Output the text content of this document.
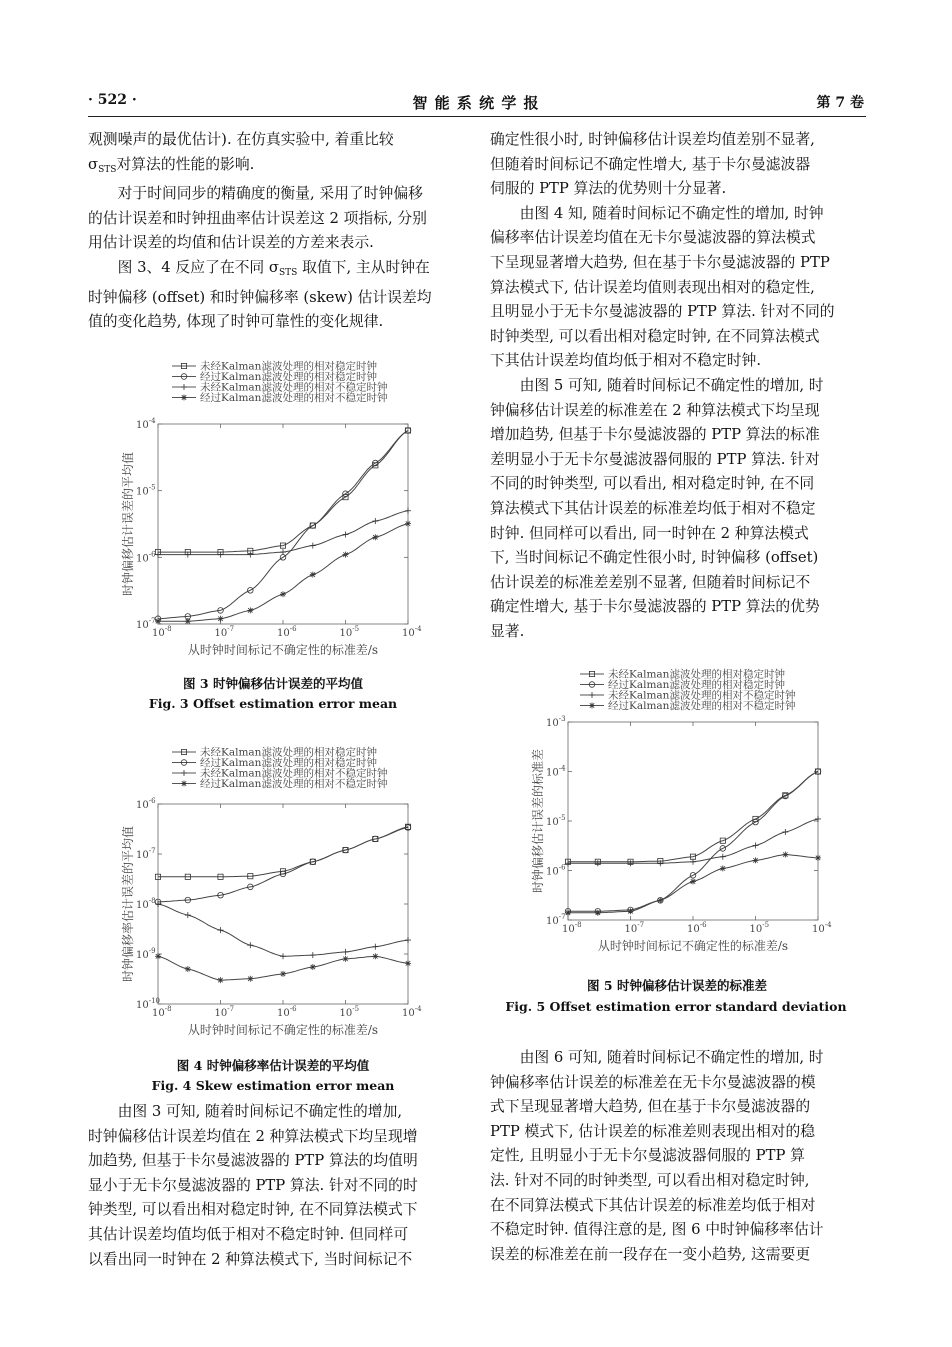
· 522 ·	智 能 系 统 学 报	第 7 卷

观测噪声的最优估计). 在仿真实验中, 着重比较
$\sigma_{STS}$对算法的性能的影响.

对于时间同步的精确度的衡量, 采用了时钟偏移
的估计误差和时钟扭曲率估计误差这 2 项指标, 分别
用估计误差的均值和估计误差的方差来表示.

图 3、4 反应了在不同 $\sigma_{STS}$ 取值下, 主从时钟在
时钟偏移 (offset) 和时钟偏移率 (skew) 估计误差均
值的变化趋势, 体现了时钟可靠性的变化规律.

确定性很小时, 时钟偏移估计误差均值差别不显著,
但随着时间标记不确定性增大, 基于卡尔曼滤波器
伺服的 PTP 算法的优势则十分显著.

由图 4 知, 随着时间标记不确定性的增加, 时钟
偏移率估计误差均值在无卡尔曼滤波器的算法模式
下呈现显著增大趋势, 但在基于卡尔曼滤波器的 PTP
算法模式下, 估计误差均值则表现出相对的稳定性,
且明显小于无卡尔曼滤波器的 PTP 算法. 针对不同的
时钟类型, 可以看出相对稳定时钟, 在不同算法模式
下其估计误差均值均低于相对不稳定时钟.

由图 5 可知, 随着时间标记不确定性的增加, 时
钟偏移估计误差的标准差在 2 种算法模式下均呈现
增加趋势, 但基于卡尔曼滤波器的 PTP 算法的标准
差明显小于无卡尔曼滤波器伺服的 PTP 算法. 针对
不同的时钟类型, 可以看出, 相对稳定时钟, 在不同
算法模式下其估计误差的标准差均低于相对不稳定
时钟. 但同样可以看出, 同一时钟在 2 种算法模式
下, 当时间标记不确定性很小时, 时钟偏移 (offset)
估计误差的标准差差别不显著, 但随着时间标记不
确定性增大, 基于卡尔曼滤波器的 PTP 算法的优势
显著.

未经Kalman滤波处理的相对稳定时钟
经过Kalman滤波处理的相对稳定时钟
未经Kalman滤波处理的相对不稳定时钟
经过Kalman滤波处理的相对不稳定时钟
$10^{-8}$	$10^{-7}$	$10^{-6}$	$10^{-5}$	$10^{-4}$
$10^{-7}$
$10^{-6}$
$10^{-5}$
$10^{-4}$
从时钟时间标记不确定性的标准差/s
时钟偏移估计误差的平均值
图 3 时钟偏移估计误差的平均值
Fig. 3 Offset estimation error mean
未经Kalman滤波处理的相对稳定时钟
经过Kalman滤波处理的相对稳定时钟
未经Kalman滤波处理的相对不稳定时钟
经过Kalman滤波处理的相对不稳定时钟
$10^{-8}$	$10^{-7}$	$10^{-6}$	$10^{-5}$	$10^{-4}$
$10^{-10}$
$10^{-9}$
$10^{-8}$
$10^{-7}$
$10^{-6}$
从时钟时间标记不确定性的标准差/s
时钟偏移率估计误差的平均值
图 4 时钟偏移率估计误差的平均值
Fig. 4 Skew estimation error mean
未经Kalman滤波处理的相对稳定时钟
经过Kalman滤波处理的相对稳定时钟
未经Kalman滤波处理的相对不稳定时钟
经过Kalman滤波处理的相对不稳定时钟
$10^{-8}$	$10^{-7}$	$10^{-6}$	$10^{-5}$	$10^{-4}$
$10^{-7}$
$10^{-6}$
$10^{-5}$
$10^{-4}$
$10^{-3}$
从时钟时间标记不确定性的标准差/s
时钟偏移估计误差的标准差
图 5 时钟偏移估计误差的标准差
Fig. 5 Offset estimation error standard deviation

由图 3 可知, 随着时间标记不确定性的增加,
时钟偏移估计误差均值在 2 种算法模式下均呈现增
加趋势, 但基于卡尔曼滤波器的 PTP 算法的均值明
显小于无卡尔曼滤波器的 PTP 算法. 针对不同的时
钟类型, 可以看出相对稳定时钟, 在不同算法模式下
其估计误差均值均低于相对不稳定时钟. 但同样可
以看出同一时钟在 2 种算法模式下, 当时间标记不

由图 6 可知, 随着时间标记不确定性的增加, 时
钟偏移率估计误差的标准差在无卡尔曼滤波器的模
式下呈现显著增大趋势, 但在基于卡尔曼滤波器的
PTP 模式下, 估计误差的标准差则表现出相对的稳
定性, 且明显小于无卡尔曼滤波器伺服的 PTP 算
法. 针对不同的时钟类型, 可以看出相对稳定时钟,
在不同算法模式下其估计误差的标准差均低于相对
不稳定时钟. 值得注意的是, 图 6 中时钟偏移率估计
误差的标准差在前一段存在一变小趋势, 这需要更
